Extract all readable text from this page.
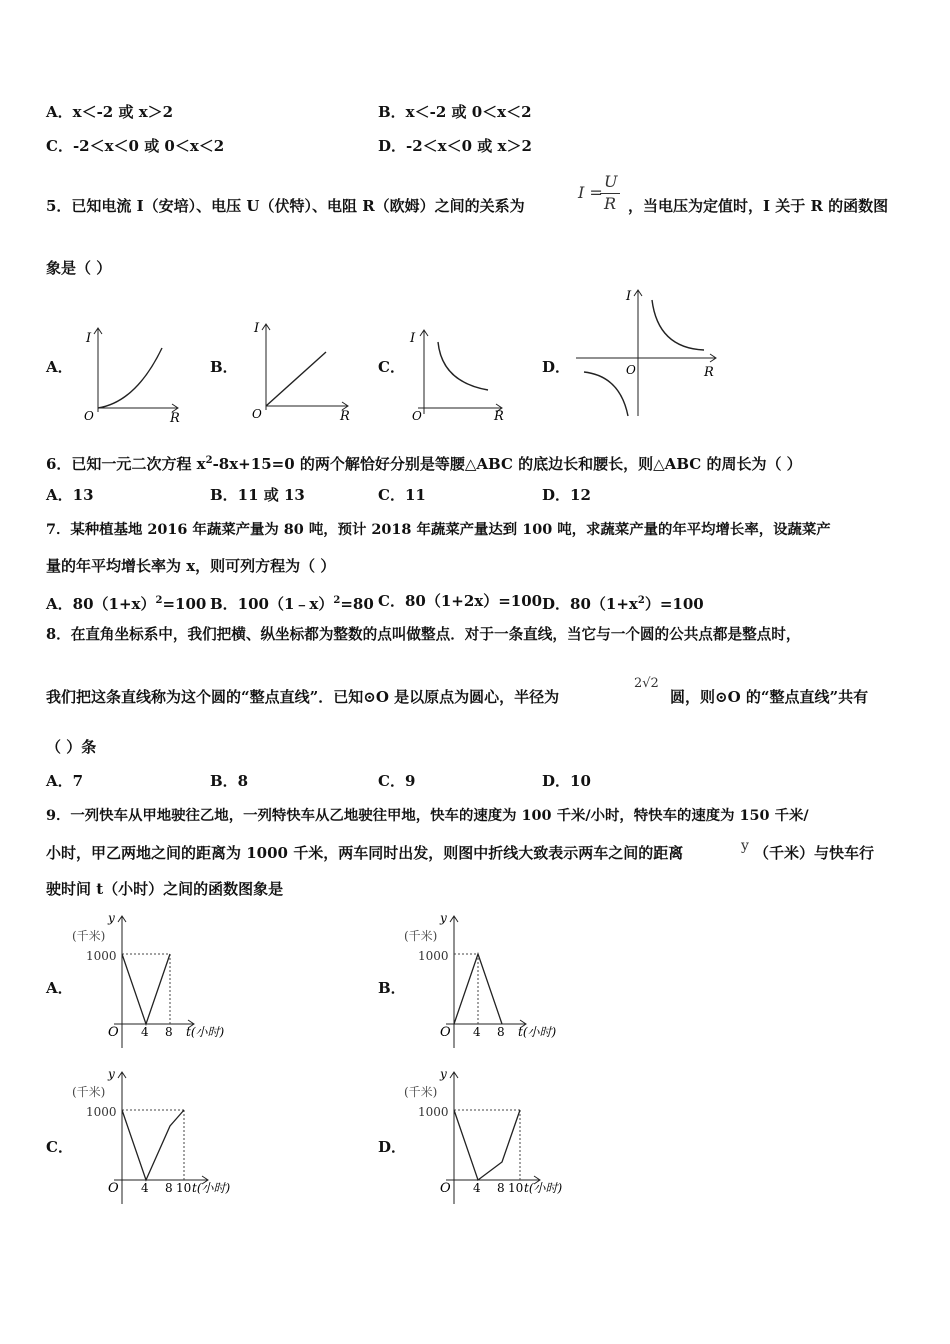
A．x＜-2 或 x＞2	B．x＜-2 或 0＜x＜2
C．-2＜x＜0 或 0＜x＜2	D．-2＜x＜0 或 x＞2
5．已知电流 I（安培）、电压 U（伏特）、电阻 R（欧姆）之间的关系为
I =
U
R ，当电压为定值时，I 关于 R 的函数图
象是（ ）
A．	B．	C．	D．
I
O	R
I
O	R
I
O	R
I
O	R
6．已知一元二次方程 $x^2-8x+15=0$ 的两个解恰好分别是等腰△ABC 的底边长和腰长，则△ABC 的周长为（ ）
A．13	B．11 或 13	C．11	D．12
7．某种植基地 2016 年蔬菜产量为 80 吨，预计 2018 年蔬菜产量达到 100 吨，求蔬菜产量的年平均增长率，设蔬菜产
量的年平均增长率为 x，则可列方程为（ ）
A．$80(1+x)^2=100$ B．100（1﹣x）$^2$=80 C．80（1+2x）=100 D．$80(1+x^2)=100$
8．在直角坐标系中，我们把横、纵坐标都为整数的点叫做整点．对于一条直线，当它与一个圆的公共点都是整点时，
我们把这条直线称为这个圆的“整点直线”．已知⊙O 是以原点为圆心，半径为
2√2
圆，则⊙O 的“整点直线”共有
（ ）条
A．7	B．8	C．9	D．10
9．一列快车从甲地驶往乙地，一列特快车从乙地驶往甲地，快车的速度为 100 千米/小时，特快车的速度为 150 千米/
小时，甲乙两地之间的距离为 1000 千米，两车同时出发，则图中折线大致表示两车之间的距离	y （千米）与快车行
驶时间 t（小时）之间的函数图象是
A．	B．
C．	D．
y
(千米)
1000
O 4 8 t(小时)
y
(千米)
1000
O 4 8 t(小时)
y
(千米)
1000
O 4 8 10 t(小时)
y
(千米)
1000
O 4 8 10 t(小时)
